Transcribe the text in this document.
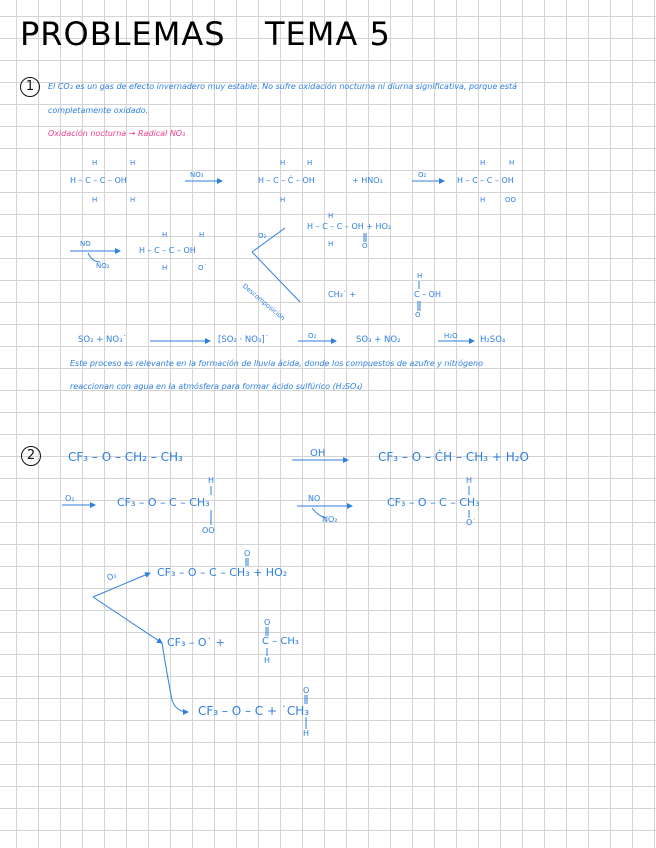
PROBLEMAS TEMA 5
1	El CO₂ es un gas de efecto invernadero muy estable. No sufre oxidación nocturna ni diurna significativa, porque está
completamente oxidado.
Oxidación nocturna → Radical NO₃
H	H
H – C – C – OH
H	H
NO₃
H	H
H – C – Ċ – OH
H
+ HNO₃
O₂
H	H
H – C – C – OH
H	OO
NO
NO₂
H	H
H – C – C – OH
H	O˙
O₂
Descomposición
H
H – C – C – OH + HO₂
H	O
CH₃˙ +
H
C – OH
O
SO₂ + NO₃˙	[SO₂ · NO₃]˙	O₂	SO₃ + NO₂	H₂O	H₂SO₄
Este proceso es relevante en la formación de lluvia ácida, donde los compuestos de azufre y nitrógeno
reaccionan con agua en la atmósfera para formar ácido sulfúrico (H₂SO₄)
2	CF₃ – O – CH₂ – CH₃	OH	CF₃ – O – ĊH – CH₃ + H₂O
O₂
H
CF₃ – O – C – CH₃
OO
NO
NO₂
H
CF₃ – O – C – CH₃
O˙
O₂
O
CF₃ – O – C – CH₃ + HO₂
CF₃ – O˙ +
O
C – CH₃
H
O
CF₃ – O – C + ˙CH₃
H
